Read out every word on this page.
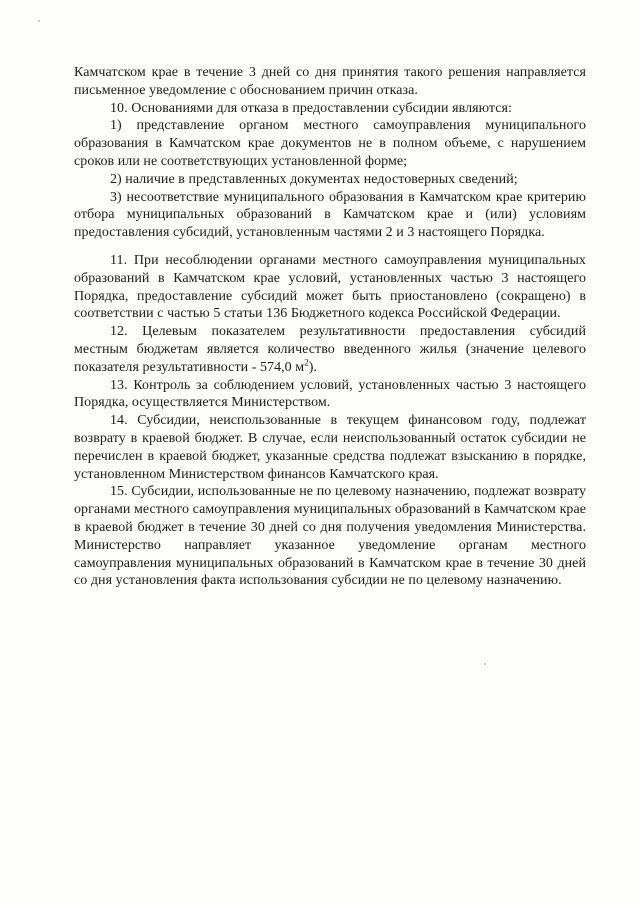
Камчатском крае в течение 3 дней со дня принятия такого решения направляется письменное уведомление с обоснованием причин отказа.

10. Основаниями для отказа в предоставлении субсидии являются:

1) представление органом местного самоуправления муниципального образования в Камчатском крае документов не в полном объеме, с нарушением сроков или не соответствующих установленной форме;

2) наличие в представленных документах недостоверных сведений;

3) несоответствие муниципального образования в Камчатском крае критерию отбора муниципальных образований в Камчатском крае и (или) условиям предоставления субсидий, установленным частями 2 и 3 настоящего Порядка.

11. При несоблюдении органами местного самоуправления муниципальных образований в Камчатском крае условий, установленных частью 3 настоящего Порядка, предоставление субсидий может быть приостановлено (сокращено) в соответствии с частью 5 статьи 136 Бюджетного кодекса Российской Федерации.

12. Целевым показателем результативности предоставления субсидий местным бюджетам является количество введенного жилья (значение целевого показателя результативности - 574,0 $м^2$).

13. Контроль за соблюдением условий, установленных частью 3 настоящего Порядка, осуществляется Министерством.

14. Субсидии, неиспользованные в текущем финансовом году, подлежат возврату в краевой бюджет. В случае, если неиспользованный остаток субсидии не перечислен в краевой бюджет, указанные средства подлежат взысканию в порядке, установленном Министерством финансов Камчатского края.

15. Субсидии, использованные не по целевому назначению, подлежат возврату органами местного самоуправления муниципальных образований в Камчатском крае в краевой бюджет в течение 30 дней со дня получения уведомления Министерства. Министерство направляет указанное уведомление органам местного самоуправления муниципальных образований в Камчатском крае в течение 30 дней со дня установления факта использования субсидии не по целевому назначению.
